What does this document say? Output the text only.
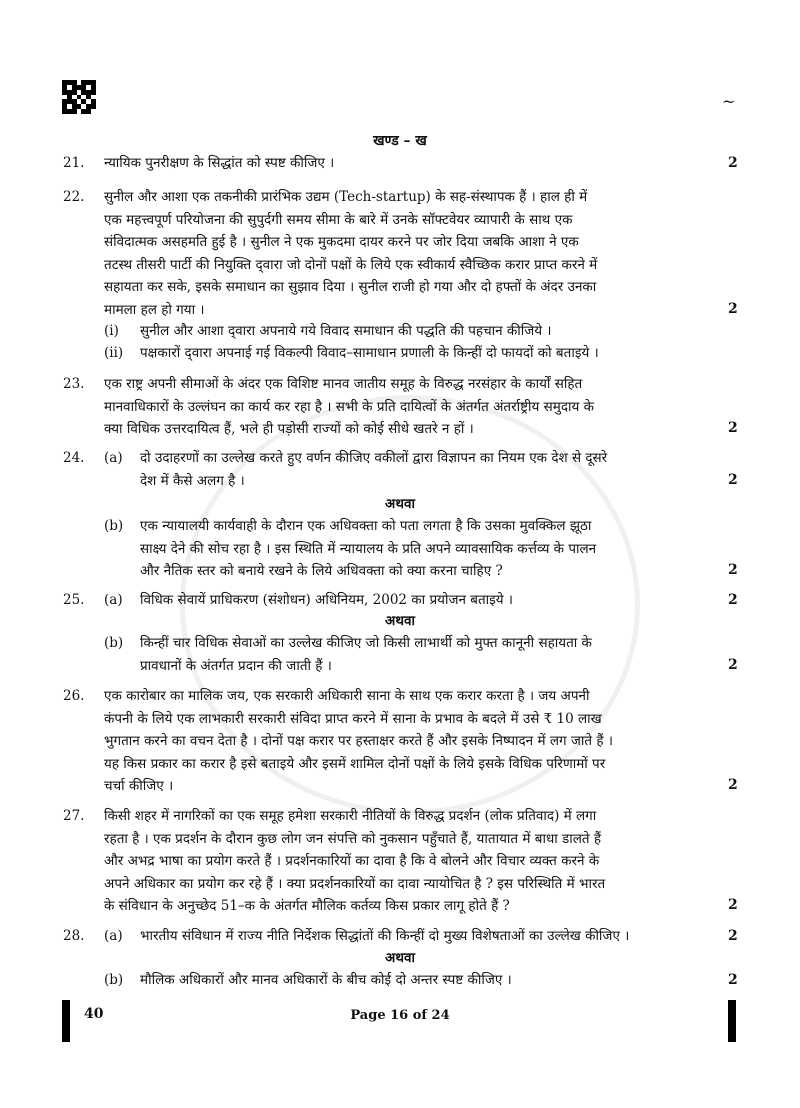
~
खण्ड – ख
21. न्यायिक पुनरीक्षण के सिद्धांत को स्पष्ट कीजिए ।	2
22. सुनील और आशा एक तकनीकी प्रारंभिक उद्यम (Tech-startup) के सह-संस्थापक हैं । हाल ही में
एक महत्त्वपूर्ण परियोजना की सुपुर्दगी समय सीमा के बारे में उनके सॉफ्टवेयर व्यापारी के साथ एक
संविदात्मक असहमति हुई है । सुनील ने एक मुकदमा दायर करने पर जोर दिया जबकि आशा ने एक
तटस्थ तीसरी पार्टी की नियुक्ति द्‌वारा जो दोनों पक्षों के लिये एक स्वीकार्य स्वैच्छिक करार प्राप्त करने में
सहायता कर सके, इसके समाधान का सुझाव दिया । सुनील राजी हो गया और दो हफ्तों के अंदर उनका
मामला हल हो गया ।	2
(i) सुनील और आशा द्‌वारा अपनाये गये विवाद समाधान की पद्धति की पहचान कीजिये ।
(ii) पक्षकारों द्‌वारा अपनाई गई विकल्पी विवाद–सामाधान प्रणाली के किन्हीं दो फायदों को बताइये ।
23. एक राष्ट्र अपनी सीमाओं के अंदर एक विशिष्ट मानव जातीय समूह के विरुद्ध नरसंहार के कार्यों सहित
मानवाधिकारों के उल्लंघन का कार्य कर रहा है । सभी के प्रति दायित्वों के अंतर्गत अंतर्राष्ट्रीय समुदाय के
क्या विधिक उत्तरदायित्व हैं, भले ही पड़ोसी राज्यों को कोई सीधे खतरे न हों ।	2
24. (a) दो उदाहरणों का उल्लेख करते हुए वर्णन कीजिए वकीलों द्वारा विज्ञापन का नियम एक देश से दूसरे
देश में कैसे अलग है ।	2
अथवा
(b) एक न्यायालयी कार्यवाही के दौरान एक अधिवक्ता को पता लगता है कि उसका मुवक्किल झूठा
साक्ष्य देने की सोच रहा है । इस स्थिति में न्यायालय के प्रति अपने व्यावसायिक कर्त्तव्य के पालन
और नैतिक स्तर को बनाये रखने के लिये अधिवक्ता को क्या करना चाहिए ?	2
25. (a) विधिक सेवायें प्राधिकरण (संशोधन) अधिनियम, 2002 का प्रयोजन बताइये ।	2
अथवा
(b) किन्हीं चार विधिक सेवाओं का उल्लेख कीजिए जो किसी लाभार्थी को मुफ्त कानूनी सहायता के
प्रावधानों के अंतर्गत प्रदान की जाती हैं ।	2
26. एक कारोबार का मालिक जय, एक सरकारी अधिकारी साना के साथ एक करार करता है । जय अपनी
कंपनी के लिये एक लाभकारी सरकारी संविदा प्राप्त करने में साना के प्रभाव के बदले में उसे ₹ 10 लाख
भुगतान करने का वचन देता है । दोनों पक्ष करार पर हस्ताक्षर करते हैं और इसके निष्पादन में लग जाते हैं ।
यह किस प्रकार का करार है इसे बताइये और इसमें शामिल दोनों पक्षों के लिये इसके विधिक परिणामों पर
चर्चा कीजिए ।	2
27. किसी शहर में नागरिकों का एक समूह हमेशा सरकारी नीतियों के विरुद्ध प्रदर्शन (लोक प्रतिवाद) में लगा
रहता है । एक प्रदर्शन के दौरान कुछ लोग जन संपत्ति को नुकसान पहुँचाते हैं, यातायात में बाधा डालते हैं
और अभद्र भाषा का प्रयोग करते हैं । प्रदर्शनकारियों का दावा है कि वे बोलने और विचार व्यक्त करने के
अपने अधिकार का प्रयोग कर रहे हैं । क्या प्रदर्शनकारियों का दावा न्यायोचित है ? इस परिस्थिति में भारत
के संविधान के अनुच्छेद 51–क के अंतर्गत मौलिक कर्तव्य किस प्रकार लागू होते हैं ?	2
28. (a) भारतीय संविधान में राज्य नीति निर्देशक सिद्धांतों की किन्हीं दो मुख्य विशेषताओं का उल्लेख कीजिए ।	2
अथवा
(b) मौलिक अधिकारों और मानव अधिकारों के बीच कोई दो अन्तर स्पष्ट कीजिए ।	2
40	Page 16 of 24
